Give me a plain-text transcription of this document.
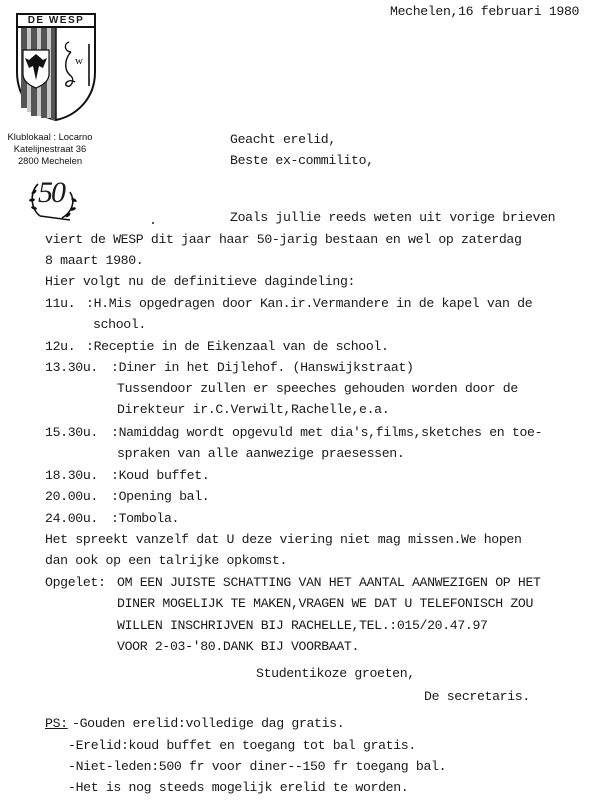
w
DE WESP
Klublokaal : Locarno
Katelijnestraat 36
2800 Mechelen
50
Mechelen,16 februari 1980
Geacht erelid,
Beste ex-commilito,
Zoals jullie reeds weten uit vorige brieven
viert de WESP dit jaar haar 50-jarig bestaan en wel op zaterdag
8 maart 1980.
Hier volgt nu de definitieve dagindeling:
11u. :H.Mis opgedragen door Kan.ir.Vermandere in de kapel van de
school.
12u. :Receptie in de Eikenzaal van de school.
13.30u. :Diner in het Dijlehof. (Hanswijkstraat)
Tussendoor zullen er speeches gehouden worden door de
Direkteur ir.C.Verwilt,Rachelle,e.a.
15.30u. :Namiddag wordt opgevuld met dia's,films,sketches en toe-
spraken van alle aanwezige praesessen.
18.30u. :Koud buffet.
20.00u. :Opening bal.
24.00u. :Tombola.
Het spreekt vanzelf dat U deze viering niet mag missen.We hopen
dan ook op een talrijke opkomst.
Opgelet: OM EEN JUISTE SCHATTING VAN HET AANTAL AANWEZIGEN OP HET
DINER MOGELIJK TE MAKEN,VRAGEN WE DAT U TELEFONISCH ZOU
WILLEN INSCHRIJVEN BIJ RACHELLE,TEL.:015/20.47.97
VOOR 2-03-'80.DANK BIJ VOORBAAT.
Studentikoze groeten,
De secretaris.
PS: -Gouden erelid:volledige dag gratis.
-Erelid:koud buffet en toegang tot bal gratis.
-Niet-leden:500 fr voor diner--150 fr toegang bal.
-Het is nog steeds mogelijk erelid te worden.
